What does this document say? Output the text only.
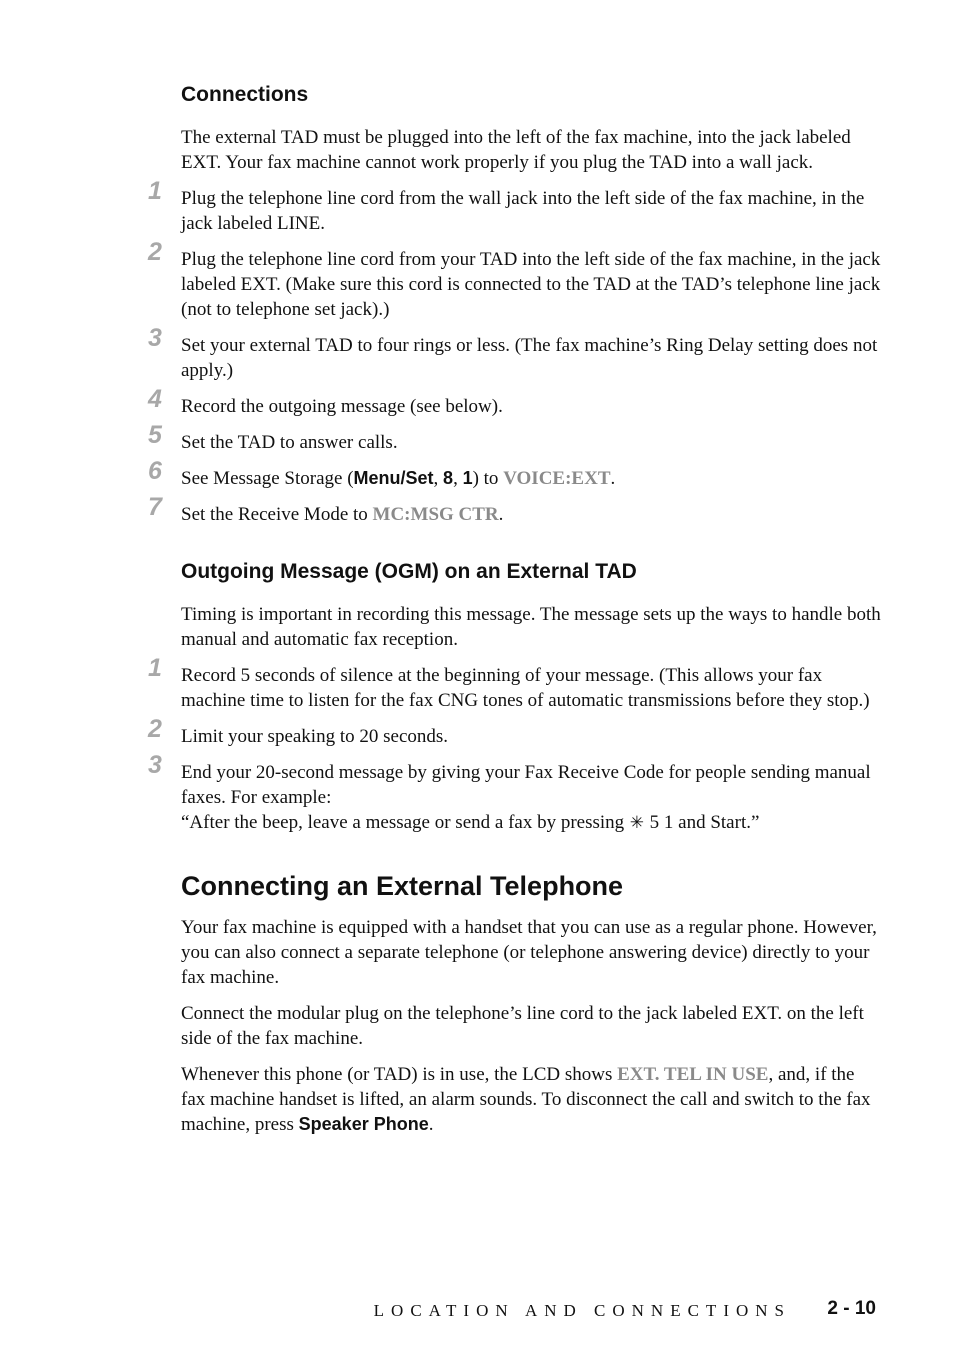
Connections

The external TAD must be plugged into the left of the fax machine, into the jack labeled EXT. Your fax machine cannot work properly if you plug the TAD into a wall jack.

1 Plug the telephone line cord from the wall jack into the left side of the fax machine, in the jack labeled LINE.
2 Plug the telephone line cord from your TAD into the left side of the fax machine, in the jack labeled EXT. (Make sure this cord is connected to the TAD at the TAD’s telephone line jack (not to telephone set jack).)
3 Set your external TAD to four rings or less. (The fax machine’s Ring Delay setting does not apply.)
4 Record the outgoing message (see below).
5 Set the TAD to answer calls.
6 See Message Storage (Menu/Set, 8, 1) to VOICE:EXT.
7 Set the Receive Mode to MC:MSG CTR.
Outgoing Message (OGM) on an External TAD

Timing is important in recording this message. The message sets up the ways to handle both manual and automatic fax reception.

1 Record 5 seconds of silence at the beginning of your message. (This allows your fax machine time to listen for the fax CNG tones of automatic transmissions before they stop.)
2 Limit your speaking to 20 seconds.
3 End your 20-second message by giving your Fax Receive Code for people sending manual faxes. For example:
“After the beep, leave a message or send a fax by pressing ✳ 5 1 and Start.”
Connecting an External Telephone

Your fax machine is equipped with a handset that you can use as a regular phone. However, you can also connect a separate telephone (or telephone answering device) directly to your fax machine.

Connect the modular plug on the telephone’s line cord to the jack labeled EXT. on the left side of the fax machine.

Whenever this phone (or TAD) is in use, the LCD shows EXT. TEL IN USE, and, if the fax machine handset is lifted, an alarm sounds. To disconnect the call and switch to the fax machine, press Speaker Phone.

LOCATION AND CONNECTIONS 2 - 10
